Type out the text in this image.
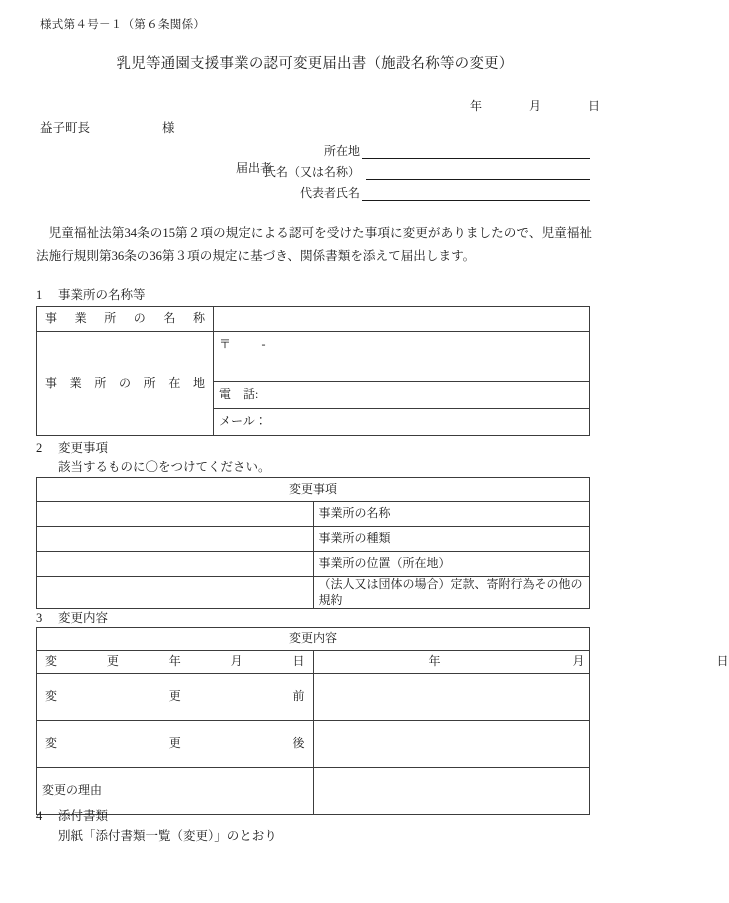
様式第４号－１（第６条関係）
乳児等通園支援事業の認可変更届出書（施設名称等の変更）
年	月	日
益子町長	様
届出者
所在地
氏名（又は名称）
代表者氏名
児童福祉法第34条の15第２項の規定による認可を受けた事項に変更がありましたので、児童福祉法施行規則第36条の36第３項の規定に基づき、関係書類を添えて届出します。
1 事業所の名称等
事業所の名称	
事業所の所在地	〒 -
	電　話:
	メール：
2 変更事項
該当するものに〇をつけてください。
変更事項	
	事業所の名称
	事業所の種類
	事業所の位置（所在地）
	（法人又は団体の場合）定款、寄附行為その他の規約
3 変更内容
変更内容	
変更年月日	年 月 日

変更前	
変更後	
変更の理由	
4 添付書類
別紙「添付書類一覧（変更）」のとおり
